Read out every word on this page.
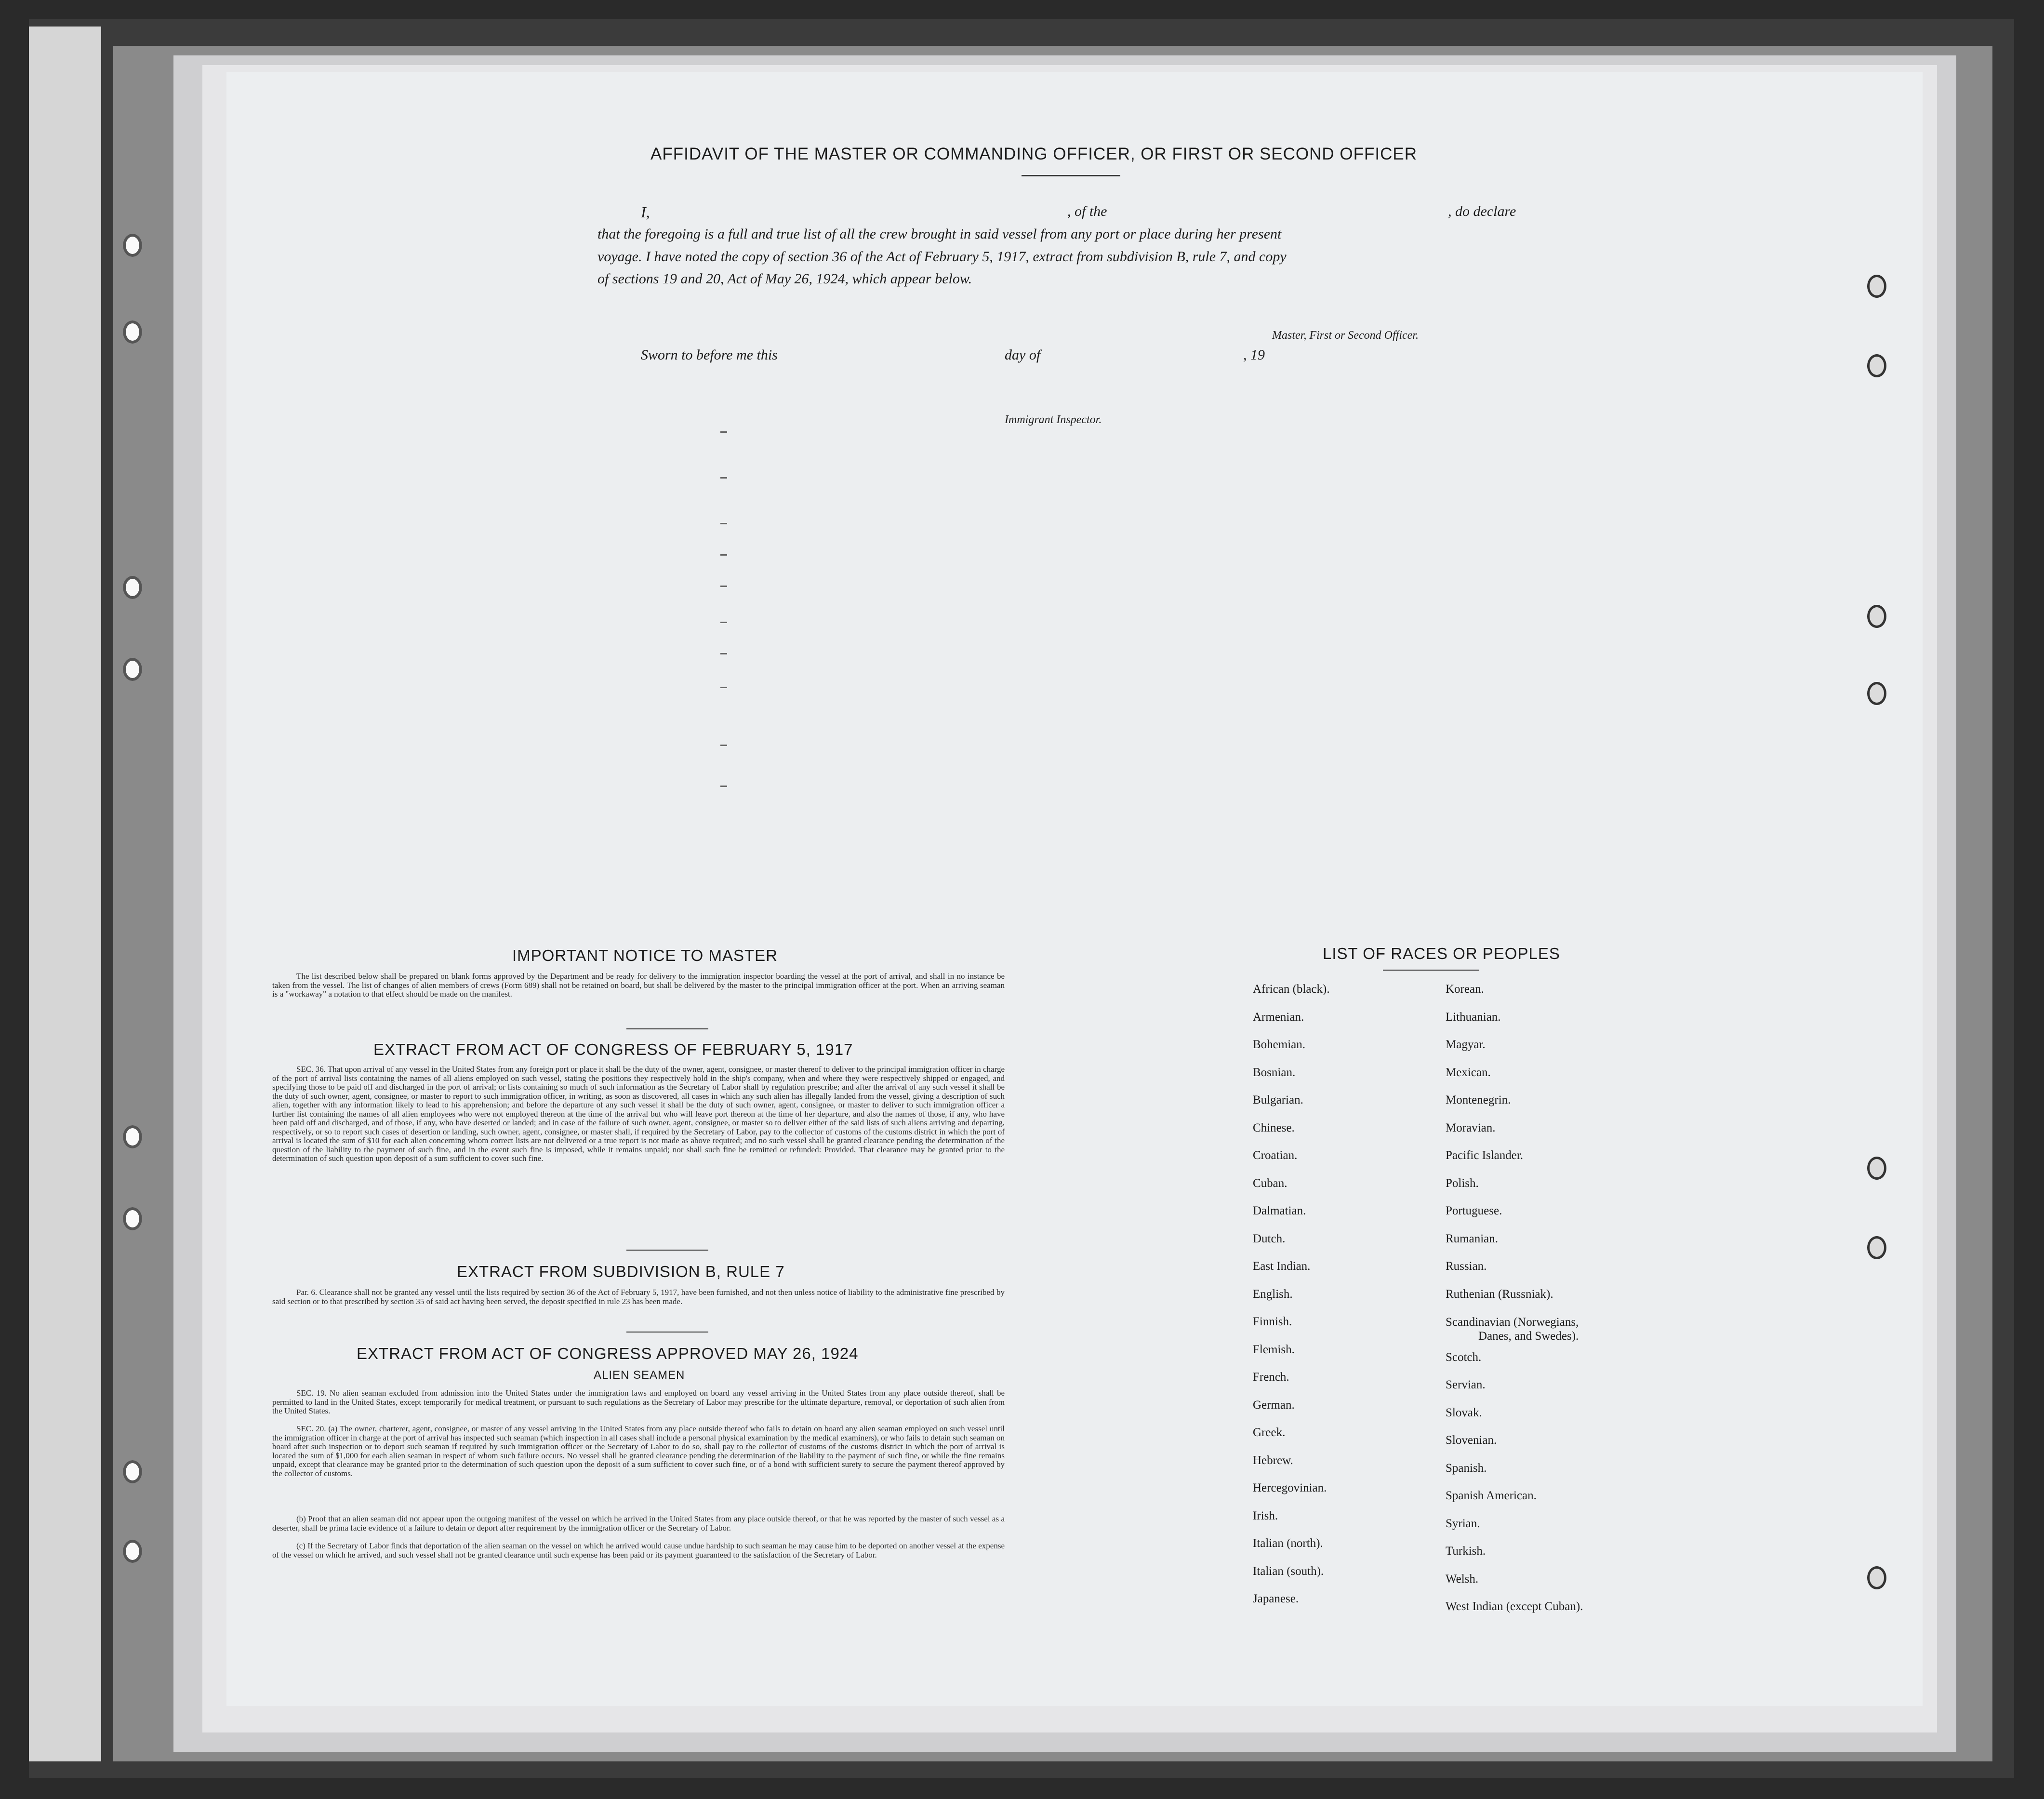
AFFIDAVIT OF THE MASTER OR COMMANDING OFFICER, OR FIRST OR SECOND OFFICER
I,	, of the	, do declare
that the foregoing is a full and true list of all the crew brought in said vessel from any port or place during her present
voyage. I have noted the copy of section 36 of the Act of February 5, 1917, extract from subdivision B, rule 7, and copy
of sections 19 and 20, Act of May 26, 1924, which appear below.
Master, First or Second Officer.
Sworn to before me this	day of	, 19
Immigrant Inspector.
IMPORTANT NOTICE TO MASTER
The list described below shall be prepared on blank forms approved by the Department and be ready for delivery to the immigration inspector boarding the vessel at the port of arrival, and shall in no instance be taken from the vessel. The list of changes of alien members of crews (Form 689) shall not be retained on board, but shall be delivered by the master to the principal immigration officer at the port. When an arriving seaman is a "workaway" a notation to that effect should be made on the manifest.
EXTRACT FROM ACT OF CONGRESS OF FEBRUARY 5, 1917
SEC. 36. That upon arrival of any vessel in the United States from any foreign port or place it shall be the duty of the owner, agent, consignee, or master thereof to deliver to the principal immigration officer in charge of the port of arrival lists containing the names of all aliens employed on such vessel, stating the positions they respectively hold in the ship's company, when and where they were respectively shipped or engaged, and specifying those to be paid off and discharged in the port of arrival; or lists containing so much of such information as the Secretary of Labor shall by regulation prescribe; and after the arrival of any such vessel it shall be the duty of such owner, agent, consignee, or master to report to such immigration officer, in writing, as soon as discovered, all cases in which any such alien has illegally landed from the vessel, giving a description of such alien, together with any information likely to lead to his apprehension; and before the departure of any such vessel it shall be the duty of such owner, agent, consignee, or master to deliver to such immigration officer a further list containing the names of all alien employees who were not employed thereon at the time of the arrival but who will leave port thereon at the time of her departure, and also the names of those, if any, who have been paid off and discharged, and of those, if any, who have deserted or landed; and in case of the failure of such owner, agent, consignee, or master so to deliver either of the said lists of such aliens arriving and departing, respectively, or so to report such cases of desertion or landing, such owner, agent, consignee, or master shall, if required by the Secretary of Labor, pay to the collector of customs of the customs district in which the port of arrival is located the sum of $10 for each alien concerning whom correct lists are not delivered or a true report is not made as above required; and no such vessel shall be granted clearance pending the determination of the question of the liability to the payment of such fine, and in the event such fine is imposed, while it remains unpaid; nor shall such fine be remitted or refunded: Provided, That clearance may be granted prior to the determination of such question upon deposit of a sum sufficient to cover such fine.
EXTRACT FROM SUBDIVISION B, RULE 7
Par. 6. Clearance shall not be granted any vessel until the lists required by section 36 of the Act of February 5, 1917, have been furnished, and not then unless notice of liability to the administrative fine prescribed by said section or to that prescribed by section 35 of said act having been served, the deposit specified in rule 23 has been made.
EXTRACT FROM ACT OF CONGRESS APPROVED MAY 26, 1924
ALIEN SEAMEN
SEC. 19. No alien seaman excluded from admission into the United States under the immigration laws and employed on board any vessel arriving in the United States from any place outside thereof, shall be permitted to land in the United States, except temporarily for medical treatment, or pursuant to such regulations as the Secretary of Labor may prescribe for the ultimate departure, removal, or deportation of such alien from the United States.
SEC. 20. (a) The owner, charterer, agent, consignee, or master of any vessel arriving in the United States from any place outside thereof who fails to detain on board any alien seaman employed on such vessel until the immigration officer in charge at the port of arrival has inspected such seaman (which inspection in all cases shall include a personal physical examination by the medical examiners), or who fails to detain such seaman on board after such inspection or to deport such seaman if required by such immigration officer or the Secretary of Labor to do so, shall pay to the collector of customs of the customs district in which the port of arrival is located the sum of $1,000 for each alien seaman in respect of whom such failure occurs. No vessel shall be granted clearance pending the determination of the liability to the payment of such fine, or while the fine remains unpaid, except that clearance may be granted prior to the determination of such question upon the deposit of a sum sufficient to cover such fine, or of a bond with sufficient surety to secure the payment thereof approved by the collector of customs.
(b) Proof that an alien seaman did not appear upon the outgoing manifest of the vessel on which he arrived in the United States from any place outside thereof, or that he was reported by the master of such vessel as a deserter, shall be prima facie evidence of a failure to detain or deport after requirement by the immigration officer or the Secretary of Labor.
(c) If the Secretary of Labor finds that deportation of the alien seaman on the vessel on which he arrived would cause undue hardship to such seaman he may cause him to be deported on another vessel at the expense of the vessel on which he arrived, and such vessel shall not be granted clearance until such expense has been paid or its payment guaranteed to the satisfaction of the Secretary of Labor.
LIST OF RACES OR PEOPLES
African (black).
Armenian.
Bohemian.
Bosnian.
Bulgarian.
Chinese.
Croatian.
Cuban.
Dalmatian.
Dutch.
East Indian.
English.
Finnish.
Flemish.
French.
German.
Greek.
Hebrew.
Hercegovinian.
Irish.
Italian (north).
Italian (south).
Japanese.
Korean.
Lithuanian.
Magyar.
Mexican.
Montenegrin.
Moravian.
Pacific Islander.
Polish.
Portuguese.
Rumanian.
Russian.
Ruthenian (Russniak).
Scandinavian (Norwegians,
Danes, and Swedes).
Scotch.
Servian.
Slovak.
Slovenian.
Spanish.
Spanish American.
Syrian.
Turkish.
Welsh.
West Indian (except Cuban).
